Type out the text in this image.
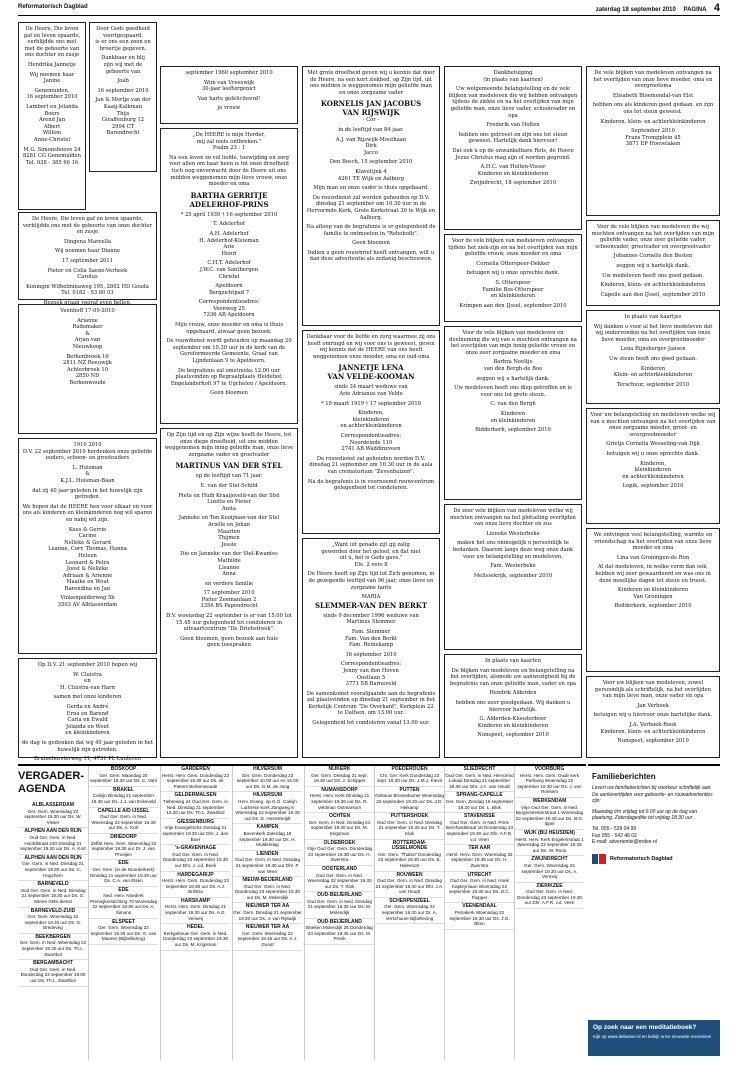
Reformatorisch Dagblad	zaterdag 18 september 2010 PAGINA 4
De Heere, Die leven
gaf en leven spaarde,
verblijdde ons met
met de geboorte van
ons dochter en zusje
Hendrika Jannetje
Wij noemen haar
Janine
Genemuiden,
16 september 2010
Lambert en Jolanda
Boers
Arend Jan
Albert
Willem
Anne-Christel
M.G. Simonshoeve 24
8281 CG Genemuiden
Tel. 038 - 385 60 16
Door Gods goedheid
voortgespaard,
is er ons een zoon en
broertje gegeven.
Dankbaar en blij
zijn wij met de
geboorte van
Joab
16 september 2010
Jan & Mertje van der
Kaaij-Kalkman
Thijs
Giraffenburg 12
2994 CT
Barendrecht
De Heere, Die leven gaf en leven spaarde,
verblijdde ons met de geboorte van onze dochter en zusje
Dingena Marcella
Wij noemen haar Dianne
17 september 2011
Pieter en Colia Saene-Verheek
Carolus
Koningin Wilhelminaweg 195, 2802 HD Gouda
Tel. 0182 - 53 80 03
Bezoek graag vooraf even bellen.
Veenhoff 17-09-2010
Arianne
Rademaker
&
Arjan van
Nieuwkoop
Berkenbroek 16
2811 NZ Reeuwijk
Achterbroek 10
2850 ND
Berkenwoude
1910 2010
D.V. 22 september 2010 herdenken onze geliefde ouders, schoon- en grootouders
L. Huisman
&
K.J.L. Huisman-Baan
dat zij 40 jaar geleden in het huwelijk zijn getreden.
We hopen dat de HEERE hen voor elkaar en voor ons als kinderen en kleinkinderen nog wil sparen en nabij wil zijn.
Kees & Gerrie
Carine
Nelleke & Gerard
Leanne, Corr, Thomas, Hanna
Heleen
Leonard & Petra
Joost & Nelleke
Adriaan & Arienne
Maaike en Wout
Barendina en Jan
Vinkenpolderweg 5b
3503 AV Alblasserdam
Op D.V. 21 september 2010 hopen wij
W. Cluistra
en
H. Cluistra-van Harn
samen met onze kinderen
Gerda en André
Erna en Barend
Carla en Ewald
Jolanda en Wout
en kleinkinderen
de dag te gedenken dat wij 40 jaar geleden in het huwelijk zijn getreden.
Bruinehorsterweg 11, 4731 PL Lunteren
september 1960 september 2010
Wim van Vreeswijk
30-jaar leeftergenict
Van harte gefeliciteerd!
je vrouw
„De HEERE is mijn Herder,
mij zal niets ontbreken."
Psalm 23 : 1
Na een leven zo vol liefde, toewijding en zorg voor allen om haar heen is tot onze droefheid toch nog onverwacht door de Heere uit ons midden weggenomen mijn lieve vrouw, onze moeder en oma
BARTHA GERRITJE
ADELERHOF-PRINS
* 25 april 1939 † 16 september 2010
T. Adelerhof
A.H. Adelerhof
H. Adelerhof-Klsteman
Arie
Henri
C.H.T. Adelerhof
J.W.C. van Santbergen
Christel
Apeldoorn
Bergzichtpad 7
Correspondentieadres:
Veenweg 25
7336 AB Apeldoorn
Mijn vrouw, onze moeder en oma is thuis opgebaard, alwaar geen bezoek.
De rouwdienst wordt gehouden op maandag 20 september om 10.30 uur in de kerk van de Gereformeerde Gemeente, Graaf van Lijndenlaan 9 te Apeldoorn.
De begrafenis zal omstreeks 12.00 uur plaatsvinden op Begraafplaats Heidehof, Engelanderholt 97 te Ugchelen / Apeldoorn.
Geen bloemen
Op Zijn tijd en op Zijn wijze heeft de Heere, tot onze diepe droefheid, uit ons midden weggenomen mijn innig geliefde man, onze lieve zorgzame vader en grootvader
MARTINUS VAN DER STEL
op de leeftijd van 71 jaar.
E. van der Stel-Schild
Pieta en Huib Kraaijeveld-van der Stel
Lizette en Pieter
Anita
Janneke en Ton Kooijman-van der Stel
Arielle en Johan
Maarten
Thijmen
Jessie
Dio en Janneke van der Stel-Kwantes
Mathilde
Lisanne
Anna
en verdere familie
17 september 2010
Pieter Zeemanlaan 2
3356 BS Papendrecht
D.V. woensdag 22 september is er van 15.00 tot 15.45 uur gelegenheid tot condoleren in uitvaartcentrum "De Driehstreek".
Geen bloemen, geen bezoek aan huis
geen toespraken
Met grote droefheid geven wij u kennis dat door de Heere, na een kort ziekbed, op Zijn tijd, uit ons midden is weggenomen mijn geliefde man en onze zorgzame vader
KORNELIS JAN JACOBUS
VAN RIJSWIJK
- Cor -
in de leeftijd van 84 jaar.
A.J. van Rijswijk-Mouthaan
Dirk
Jacco
Den Bosch, 15 september 2010
Klavetijnk 4
4261 TE Wijk en Aalburg
Mijn man en onze vader is thuis opgebaard.
De rouwdienst zal worden gehouden op D.V. dinsdag 21 september om 10.30 uur in de Hervormde Kerk, Grote Kerkstraat 30 te Wijk en Aalburg.
Na afloop van de begrafenis is er gelegenheid de familie te ontmoeten in "Rehoboth".
Geen bloemen
Indien u geen rouwbrief heeft ontvangen, wilt u dan deze advertentie als zodanig beschouwen.
Dankbaar voor de liefde en zorg waarmee zij ons heeft omringd en wij voor ons is geweest, geven wij kennis dat de HEERE van ons heeft weggenomen onze moeder, oma en oud-oma
JANNETJE LENA
VAN VELDE-KOOMAN
sinds 34 maart weduwe van
Arie Adrianus van Velde
* 19 maart 1919 † 17 september 2010
Kinderen,
kleinkinderen
en achterkleinkinderen
Correspondentieadres:
Noordeinde 110
2741 AB Waddinxveen
De rouwdienst zal gehouden worden D.V. dinsdag 21 september om 10.30 uur in de aula van crematorium "Zevenhuizen".
Na de begrafenis is in voornoemd rouwcentrum gelegenheid tot condoleren.
„Want uit genade zijt gij zalig
geworden door het geloof, en dat niet
uit u, het is Gods gave."
Efe. 2 vers 8
De Heere heeft op Zijn tijd tot Zich genomen, in de gezegende leeftijd van 96 jaar, onze lieve en zorgzame tante
MARIA
SLEMMER-VAN DEN BERKT
sinds 9 december 1996 weduwe van
Martinus Slemmer
Fam. Slemmer
Fam. Van den Berkt
Fam. Reinekamp
16 september 2010
Correspondentieadres:
Jenny van den Hoven
Oostlaan 5
3771 SB Barneveld
De samenkomst voorafgaande aan de begrafenis zal plaatsvinden op dinsdag 21 september in het Kerkelijk Centrum "De Overkant", Kerkplein 22 te Dalfsen, om 13.00 uur.
Gelegenheid tot condoleren vanaf 13.00 uur.
Dankbetuiging
(in plaats van kaarten)
Uw welgemeende belangstelling en de vele blijken van medeleven die wij hebben ontvangen tijdens de ziekte en na het overlijden van mijn geliefde man, onze lieve vader, schoonvader en opa
Frederik van Holten
hebben ons getroost en zijn ons tot steun geweest. Hartelijk dank hiervoor!
Dat ook u op de onwankelbare Rots, de Heere Jezus Christus mag zijn of worden gegrond.
A.H.C. van Holten-Visser
Kinderen en kleinkinderen
Zwijndrecht, 18 september 2010
Voor de vele blijken van medeleven ontvangen tijdens het ziek-zijn en na het overlijden van mijn geliefde vrouw, onze moeder en oma
Cornelia Otterspeer-Dekker
betuigen wij u onze oprechte dank.
S. Otterspeer
Familie Bos-Otterspeer
en kleinkinderen
Krimpen aan den IJssel, september 2010
Voor de vele blijken van medeleven en deelneming die wij van u mochten ontvangen na het overlijden van mijn innig geliefde vrouw en onze zeer zorgzame moeder en oma
Barbra Neeltje
van den Bergh-de Boo
zeggen wij u hartelijk dank.
Uw medeleven heeft ons diep getroffen en is voor ons tot grote steun.
C. van den Bergh
Kinderen
en kleinkinderen
Bidderkerk, september 2010
De zeer vele blijken van medeleven welke wij mochten ontvangen na het plotseling overlijden van onze lieve dochter en zus
Lieneke Westerbeke
maken het ons onmogelijk u persoonlijk te bedanken. Daarom langs deze weg onze dank voor uw belangstelling en medeleven.
Fam. Westerbeke
Melissekrijk, september 2010
In plaats van kaarten
De blijken van medeleven en belangstelling na het overlijden, alsmede uw aanwezigheid bij de begrafenis van onze geliefde man, vader en opa
Hendrik Alderden
hebben ons zeer goedgedaan. Wij danken u hiervoor hartelijk.
G. Alderden-Kloosterboer
Kinderen en kleinkinderen
Nunspeet, september 2010
De vele blijken van medeleven ontvangen na het overlijden van onze lieve moeder, oma en overgrootoma
Elisabeth Bloemendal-van Elst
hebben ons als kinderen goed gedaan, en zijn ons tot steun geweest.
Kinderen, klein- en achterkleinkinderen
September 2010
Frans Trompplein 45
3871 EP Hoevelaken
Voor de vele blijken van medeleven die wij mochten ontvangen na het overlijden van mijn geliefde vader, onze zeer geliefde vader, schoonvader, grootvader en overgrootvader
Johannes Cornelis den Besten
zeggen wij u hartelijk dank.
Uw medeleven heeft ons goed gedaan.
Kinderen, klein- en achterkleinkinderen
Capelle aan den IJssel, september 2010
In plaats van kaartjes
Wij danken u voor al het lieve medeleven dat wij ondervonden na het overlijden van onze lieve moeder, oma en overgrootmoeder
Lena Rijnsburger-Jansen
Uw steun heeft ons goed gedaan.
Kinderen
Klein- en achterkleinkinderen
Terschuur, september 2010
Voor uw belangstelling en medeleven welke wij van u mochten ontvangen na het overlijden van onze zorgzame moeder, groot- en overgrootmoeder
Grietje Cornelia Wesseling-van Dijk
betuigen wij u onze oprechte dank.
Kinderen,
kleinkinderen
en achterkleinkinderen
Lopik, september 2010
We ontvingen veel belangstelling, warmte en vriendschap na het overlijden van onze lieve moeder en oma
Lina van Groningen-de Ron
Al dat medeleven, in welke vorm dan ook, hebben wij zeer gewaardeerd en was ons in deze moeilijke dagen tot steun en troost.
Kinderen en kleinkinderen
Van Groningen
Bodderkerk, september 2010
Voor uw blijken van medeleven, zowel persoonlijk als schriftelijk, na het overlijden van mijn lieve man, onze vader en opa
Jan Verhoek
betuigen wij u hiervoor onze hartelijke dank.
J.A. Verhoek-Rook
Kinderen, klein- en achterkleinkinderen
Nunspeet, september 2010
VERGADER-
AGENDA
ALBLASSERDAM
Ger. Gem. Woensdag 22 september 19.30 uur Ds. W. Visser
ALPHEN AAN DEN RIJN
Oud Ger. Gem. in Ned. Hoofdstraat 240 Dinsdag 21 september 19.30 uur Ds. A. Kort
ALPHEN AAN DEN RIJN
Ger. Gem. in Ned. Dinsdag 21 september 19.30 uur Ds. C. Hogchem
BARNEVELD
Oud Ger. Gem. in Ned. Dinsdag 21 september 19.30 uur Ds. G. Moree GBS-dienst
BARNEVELD-ZUID
Ger. Gem. Woensdag 22 september 19.30 uur Ds. G. Bredeveg
BEEKBERGEN
Ger. Gem. in Ned. Woensdag 22 september 19.30 uur Ds. Th.L. Zwartbol
BERGAMBACHT
Oud Ger. Gem. in Ned. Donderdag 23 september 19.00 uur Ds. Th.L. Zwartbol
BOSKOOP
Ger. Gem. Maandag 20 september 19.30 uur Ds. C. Vahl
BRAKEL
Calvijn Dinsdag 21 september 19.30 uur Ds. J.J. van Eckeveld
CAPELLE A/D IJSSEL
Oud Ger. Gem. in Ned. Woensdag 22 september 19.30 uur Ds. A. Kort
DRIEDORP
Zeffat Herv. Gem. Woensdag 22 september 19.30 uur Dr. J. van Prooijen
EDE
Ger. Gem. (in de Noorderkerk) Dinsdag 21 september 19.30 uur Ds. C.A. van Elsen
EDE
Ned. Herv. Noederk Prenoijkerstichting 70 Woensdag 22 september 19.30 uur Ds. A. Simons
ELSPEET
Ger. Gem. Woensdag 22 september 19.30 uur Ds. G. van Maaren (Bijbellezing)
GARDEREN
Herst. Herv. Gem. Donderdag 23 september 19.30 uur Ds. W. Pieters Berkenwoude
GELDERMALSEN
Tiebreweg 24 Oud Ger. Gem. in Ned. Dinsdag 21 september 19.30 uur Ds. Th.L. Zwartbol
GIESSENBURG
Vrije Evangelische Dinsdag 21 september 19.30 uur Dhr. J. den Boer
's-GRAVENHAGE
Oud Ger. Gem. in Ned. Donderdag 23 september 19.30 uur Dhr. J. v.d. Beek
HARDEGARIJP
Herst. Herv. Gem. Donderdag 23 september 19.30 uur Ds. A.J. Britstra
HARSKAMP
Herst. Herv. Gem. Dinsdag 21 september 19.30 uur Ds. A.G. Verweij
HEDEL
Kerkgebouw Ger. Gem. in Ned. Donderdag 23 september 19.30 uur Ds. M. Krigsman
HILVERSUM
Ger. Gem. Donderdag 23 september 10.00 uur en 16.00 uur Ds. G.M. de Jong
HILVERSUM
Herv. Evang. op G.G. Calvijn Lutherse Kerk Zangweg 6 Woensdag 22 september 19.30 uur Ds. D. Hovestreijdt
KAMPEN
Bovenkerk Zaterdag 18 september 19.30 uur Ds. H. Mulderslag
LIENDEN
Oud Ger. Gem. in Ned. Dinsdag 21 september 19.30 uur Dhr. P. van Veen
NIEUW-BEIJERLAND
Oud Ger. Gem. in Ned. Donderdag 23 september 19.30 uur Ds. M. Molendijk
NIEUWER TER AA
Ger. Gem. Dinsdag 21 september 19.30 uur Ds. J. van Rijswijk
NIEUWER TER AA
Ger. Gem. Woensdag 22 september 19.45 uur Ds. A.J. Gunst
NIJKERK
Ger. Gem. Dinsdag 21 sept. 19.30 uur Ds. J. Schipper
NUMANSDORP
Herst. Herv. Kerk Dinsdag 21 september 19.30 uur Ds. R. Veldman Ootmarsum
OCHTEN
Ger. Gem. in Ned. Dinsdag 21 september 19.30 uur Ds. M. Krigsman
OLDEBROEK
Vrije Oud Ger. Gem. Donderdag 23 september 19.30 uur Ds. H. Zwerstra
OOSTERLAND
Oud Ger. Gem. in Ned. Woensdag 22 september 19.30 uur Ds. T. Klok
OUD-BEIJERLAND
Oud Ger. Gem. in Ned. Dinsdag 21 september 19.30 uur Ds. M. Molendijk
OUD-BEIJERLAND
Boeken Molendijk 25 Donderdag 23 september 19.45 uur Ds. M. Prenk
POEDEROIJEN
Chr. Ger. Kerk Donderdag 23 sept. 19.30 uur Ds. J.M.J. Kievit
PUTTEN
Gebouw Bronsekamer Woensdag 22 september 19.30 uur Ds. J.D. Heikamp
PUTTERSHOEK
Oud Ger. Gem. in Ned. Dinsdag 21 september 19.30 uur Ds. T. Klok
ROTTERDAM-IJSSELMONDE
Ger. Gem. 'Thabor' Donderdag 23 september 19.30 uur Ds. E. Halevoort
ROUWEEN
Oud Ger. Gem. in Ned. Dinsdag 21 september 19.30 uur Dhr. J.A. van Houdt
SCHERPENZEEL
Ger. Gem. Woensdag 22 september 19.30 uur Dr. A. Verschuure Bijbellezing
SLIEDRECHT
Oud Ger. Gem. in Ned. Hervormd Lokaal Dinsdag 21 september 19.30 uur Dhr. J.A. van Houdt
SPRANG-CAPELLE
Ger. Gem. Zondag 19 september 19.30 uur Ds. L. Blok
STAVENISSE
Oud Ger. Gem. in Ned. Prins Bernhardstraat 18 Donderdag 23 september 19.30 uur Dhr. A.F.R. v.d. Veen
TER AAR
Herst. Herv. Gem. Woensdag 22 september 19.30 uur Ds. H. Zwerstra
UTRECHT
Oud Ger. Gem. in Ned. Hoek Kapteynlaan Woensdag 22 september 19.30 uur Ds. D.C. Flapper
VEENENDAAL
Petrakerk Woensdag 22 september 19.30 uur Ds. J.G. Blom
VOORBURG
Herst. Herv. Gem. Oude kerk Parkweg Woensdag 22 september 19.30 uur Ds. J. van Rossem
WERKENDAM
Vrije Oud Ger. Gem. in Ned. Burgemeesterstraat 1 Woensdag 22 september 19.30 uur Ds. B.G. Ippel
WIJK (BIJ HEUSDEN)
Herst. Herv. Kerk Engelenstraat 1 Woensdag 22 september 19.30 uur Ds. W. Roos
ZWIJNDRECHT
Ger. Gem. Woensdag 22 september 19.30 uur Ds. A. Vermeij
ZIERIKZEE
Oud Ger. Gem. in Ned. Donderdag 23 september 19.30 uur Dhr. A.F.R. v.d. Veen
Familieberichten
Levert uw familieberichten bij voorkeur schriftelijk aan. De aanleverttijden voor geboorte- en rouwadvertenties zijn:
Maandag t/m vrijdag tot 9.00 uur op de dag van plaatsing. Zaterdageditie tot vrijdag 18.30 uur.
Tel. 055 - 539 04 99
Fax 055 - 542 48 02
E-mail: advertentie@erdee.nl
Reformatorisch Dagblad
Op zoek naar een meditatieboek?
Kijk op www.debanier.nl en bekijk onze nieuwste recensies!
